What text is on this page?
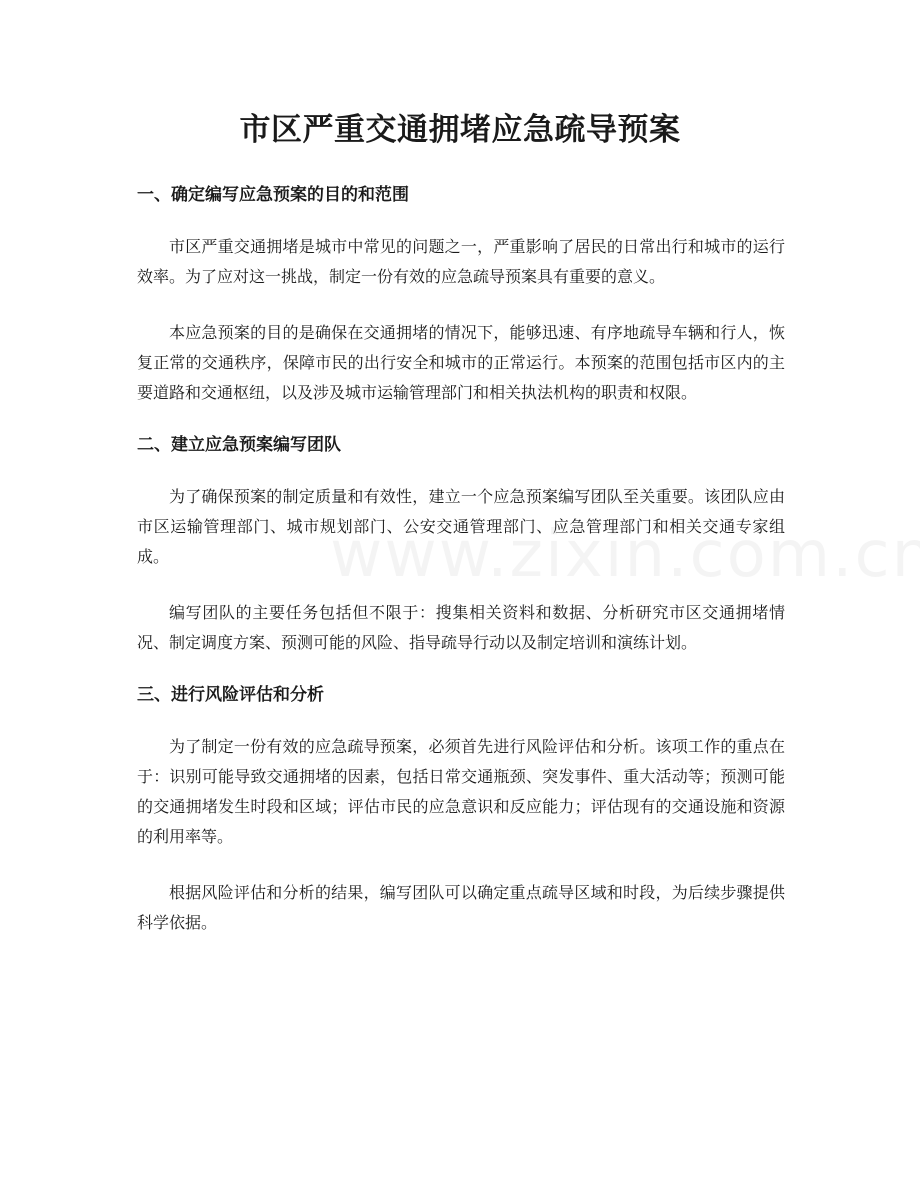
市区严重交通拥堵应急疏导预案
一、确定编写应急预案的目的和范围

市区严重交通拥堵是城市中常见的问题之一，严重影响了居民的日常出行和城市的运行效率。为了应对这一挑战，制定一份有效的应急疏导预案具有重要的意义。

本应急预案的目的是确保在交通拥堵的情况下，能够迅速、有序地疏导车辆和行人，恢复正常的交通秩序，保障市民的出行安全和城市的正常运行。本预案的范围包括市区内的主要道路和交通枢纽，以及涉及城市运输管理部门和相关执法机构的职责和权限。

二、建立应急预案编写团队

为了确保预案的制定质量和有效性，建立一个应急预案编写团队至关重要。该团队应由市区运输管理部门、城市规划部门、公安交通管理部门、应急管理部门和相关交通专家组成。

编写团队的主要任务包括但不限于：搜集相关资料和数据、分析研究市区交通拥堵情况、制定调度方案、预测可能的风险、指导疏导行动以及制定培训和演练计划。

三、进行风险评估和分析

为了制定一份有效的应急疏导预案，必须首先进行风险评估和分析。该项工作的重点在于：识别可能导致交通拥堵的因素，包括日常交通瓶颈、突发事件、重大活动等；预测可能的交通拥堵发生时段和区域；评估市民的应急意识和反应能力；评估现有的交通设施和资源的利用率等。

根据风险评估和分析的结果，编写团队可以确定重点疏导区域和时段，为后续步骤提供科学依据。
